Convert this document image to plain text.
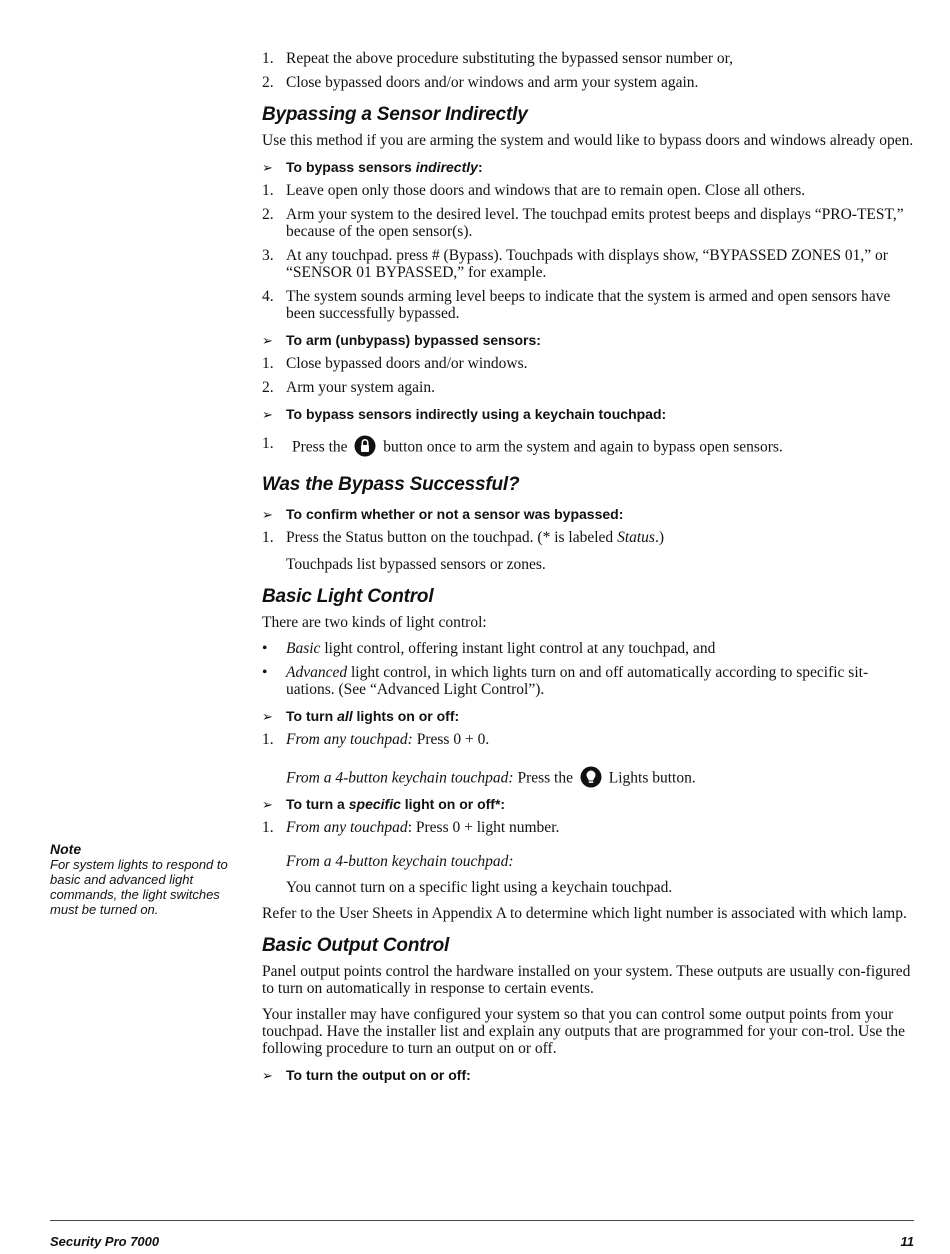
1. Repeat the above procedure substituting the bypassed sensor number or,
2. Close bypassed doors and/or windows and arm your system again.
Bypassing a Sensor Indirectly

Use this method if you are arming the system and would like to bypass doors and windows already open.

➢ To bypass sensors indirectly:
1. Leave open only those doors and windows that are to remain open. Close all others.
2. Arm your system to the desired level. The touchpad emits protest beeps and displays “PRO-TEST,” because of the open sensor(s).
3. At any touchpad. press # (Bypass). Touchpads with displays show, “BYPASSED ZONES 01,” or “SENSOR 01 BYPASSED,” for example.
4. The system sounds arming level beeps to indicate that the system is armed and open sensors have been successfully bypassed.
➢ To arm (unbypass) bypassed sensors:
1. Close bypassed doors and/or windows.
2. Arm your system again.
➢ To bypass sensors indirectly using a keychain touchpad:
1.	Press the button once to arm the system and again to bypass open sensors.
Was the Bypass Successful?
➢ To confirm whether or not a sensor was bypassed:
1. Press the Status button on the touchpad. (* is labeled Status.)

Touchpads list bypassed sensors or zones.

Basic Light Control

There are two kinds of light control:

•	Basic light control, offering instant light control at any touchpad, and
•	Advanced light control, in which lights turn on and off automatically according to specific sit-uations. (See “Advanced Light Control”).
➢ To turn all lights on or off:
1. From any touchpad: Press 0 + 0.

From a 4-button keychain touchpad: Press the Lights button.

➢ To turn a specific light on or off*:
1. From any touchpad: Press 0 + light number.

From a 4-button keychain touchpad:

You cannot turn on a specific light using a keychain touchpad.

Refer to the User Sheets in Appendix A to determine which light number is associated with which lamp.

Basic Output Control

Panel output points control the hardware installed on your system. These outputs are usually con-figured to turn on automatically in response to certain events.

Your installer may have configured your system so that you can control some output points from your touchpad. Have the installer list and explain any outputs that are programmed for your con-trol. Use the following procedure to turn an output on or off.

➢ To turn the output on or off:
Note
For system lights to respond to basic and advanced light commands, the light switches must be turned on.
Security Pro 7000	11
